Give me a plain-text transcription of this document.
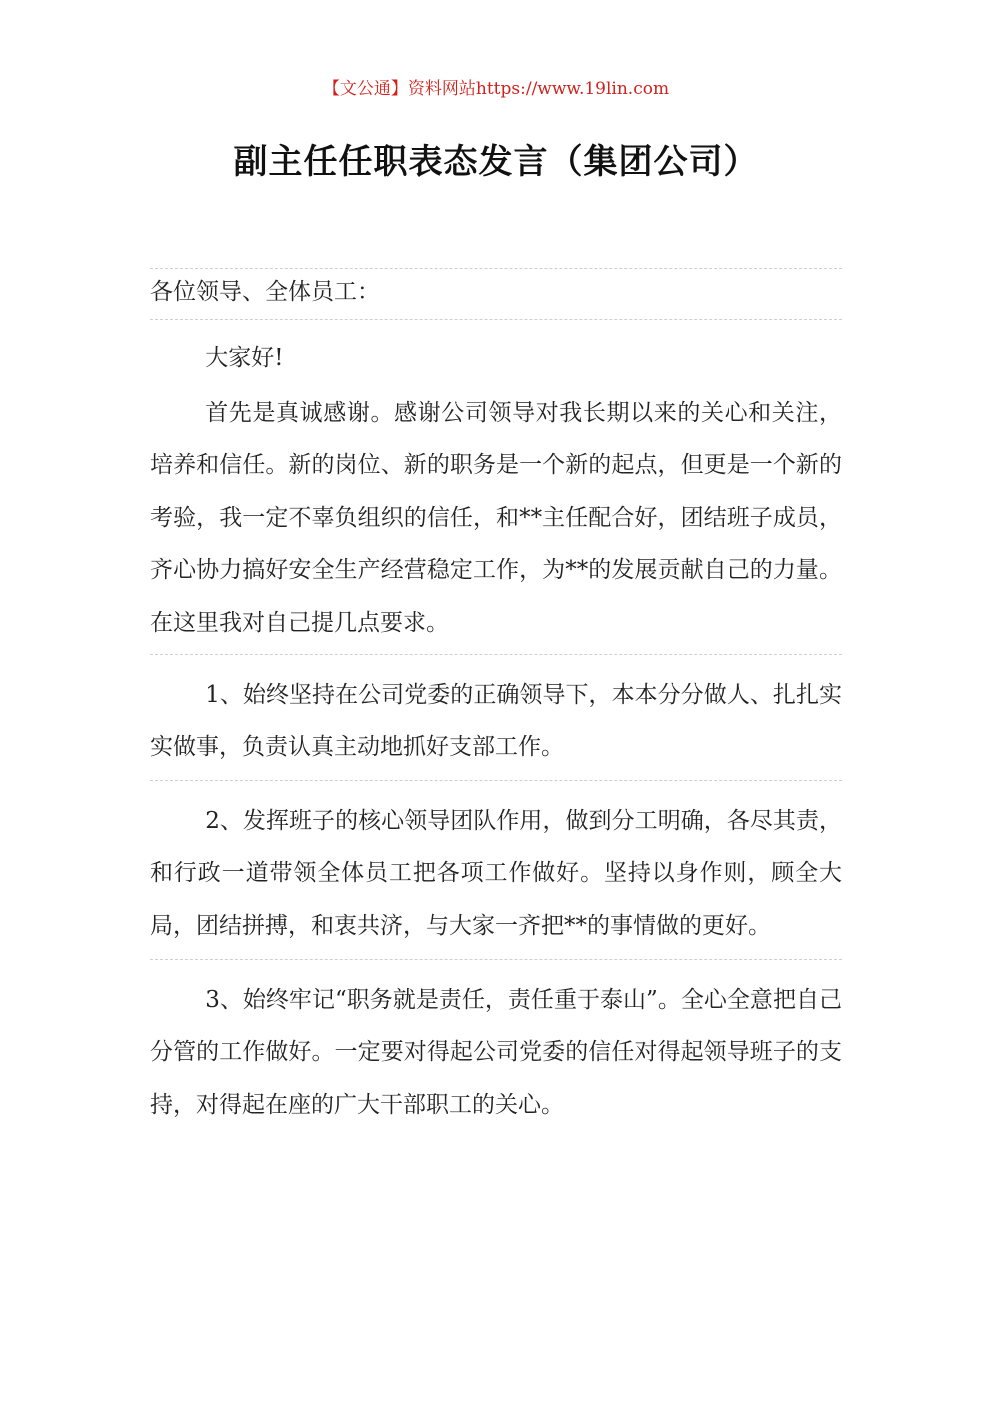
【文公通】资料网站https://www.19lin.com
副主任任职表态发言（集团公司）
各位领导、全体员工：
大家好!
首先是真诚感谢。感谢公司领导对我长期以来的关心和关注，培养和信任。新的岗位、新的职务是一个新的起点，但更是一个新的考验，我一定不辜负组织的信任，和**主任配合好，团结班子成员，齐心协力搞好安全生产经营稳定工作，为**的发展贡献自己的力量。在这里我对自己提几点要求。
1、始终坚持在公司党委的正确领导下，本本分分做人、扎扎实实做事，负责认真主动地抓好支部工作。
2、发挥班子的核心领导团队作用，做到分工明确，各尽其责，和行政一道带领全体员工把各项工作做好。坚持以身作则，顾全大局，团结拼搏，和衷共济，与大家一齐把**的事情做的更好。
3、始终牢记“职务就是责任，责任重于泰山”。全心全意把自己分管的工作做好。一定要对得起公司党委的信任对得起领导班子的支持，对得起在座的广大干部职工的关心。
